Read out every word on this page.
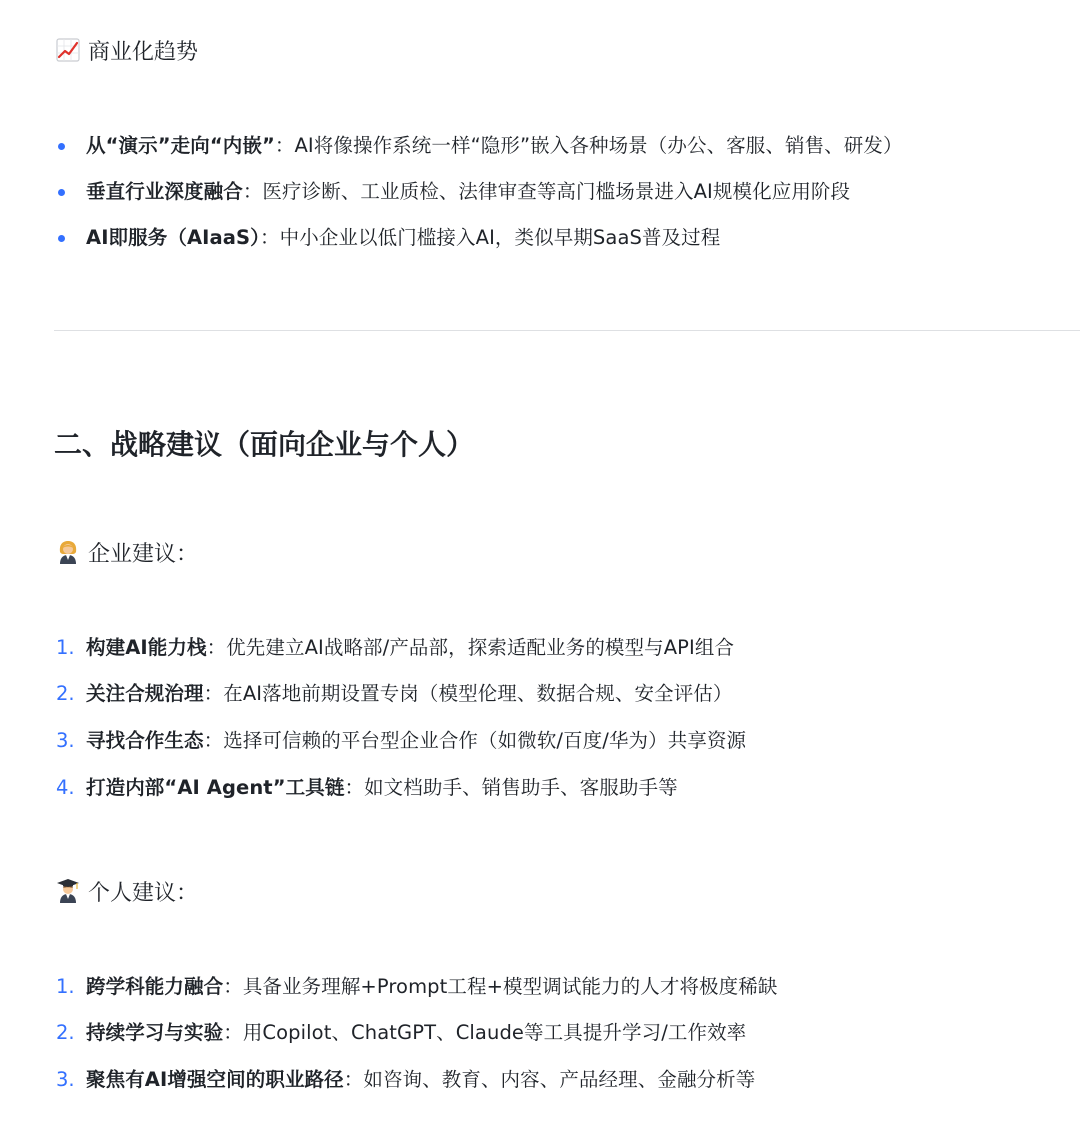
商业化趋势
从“演示”走向“内嵌”：AI将像操作系统一样“隐形”嵌入各种场景（办公、客服、销售、研发）
垂直行业深度融合：医疗诊断、工业质检、法律审查等高门槛场景进入AI规模化应用阶段
AI即服务（AIaaS）：中小企业以低门槛接入AI，类似早期SaaS普及过程
二、战略建议（面向企业与个人）
企业建议：
1. 构建AI能力栈：优先建立AI战略部/产品部，探索适配业务的模型与API组合
2. 关注合规治理：在AI落地前期设置专岗（模型伦理、数据合规、安全评估）
3. 寻找合作生态：选择可信赖的平台型企业合作（如微软/百度/华为）共享资源
4. 打造内部“AI Agent”工具链：如文档助手、销售助手、客服助手等
个人建议：
1. 跨学科能力融合：具备业务理解+Prompt工程+模型调试能力的人才将极度稀缺
2. 持续学习与实验：用Copilot、ChatGPT、Claude等工具提升学习/工作效率
3. 聚焦有AI增强空间的职业路径：如咨询、教育、内容、产品经理、金融分析等
